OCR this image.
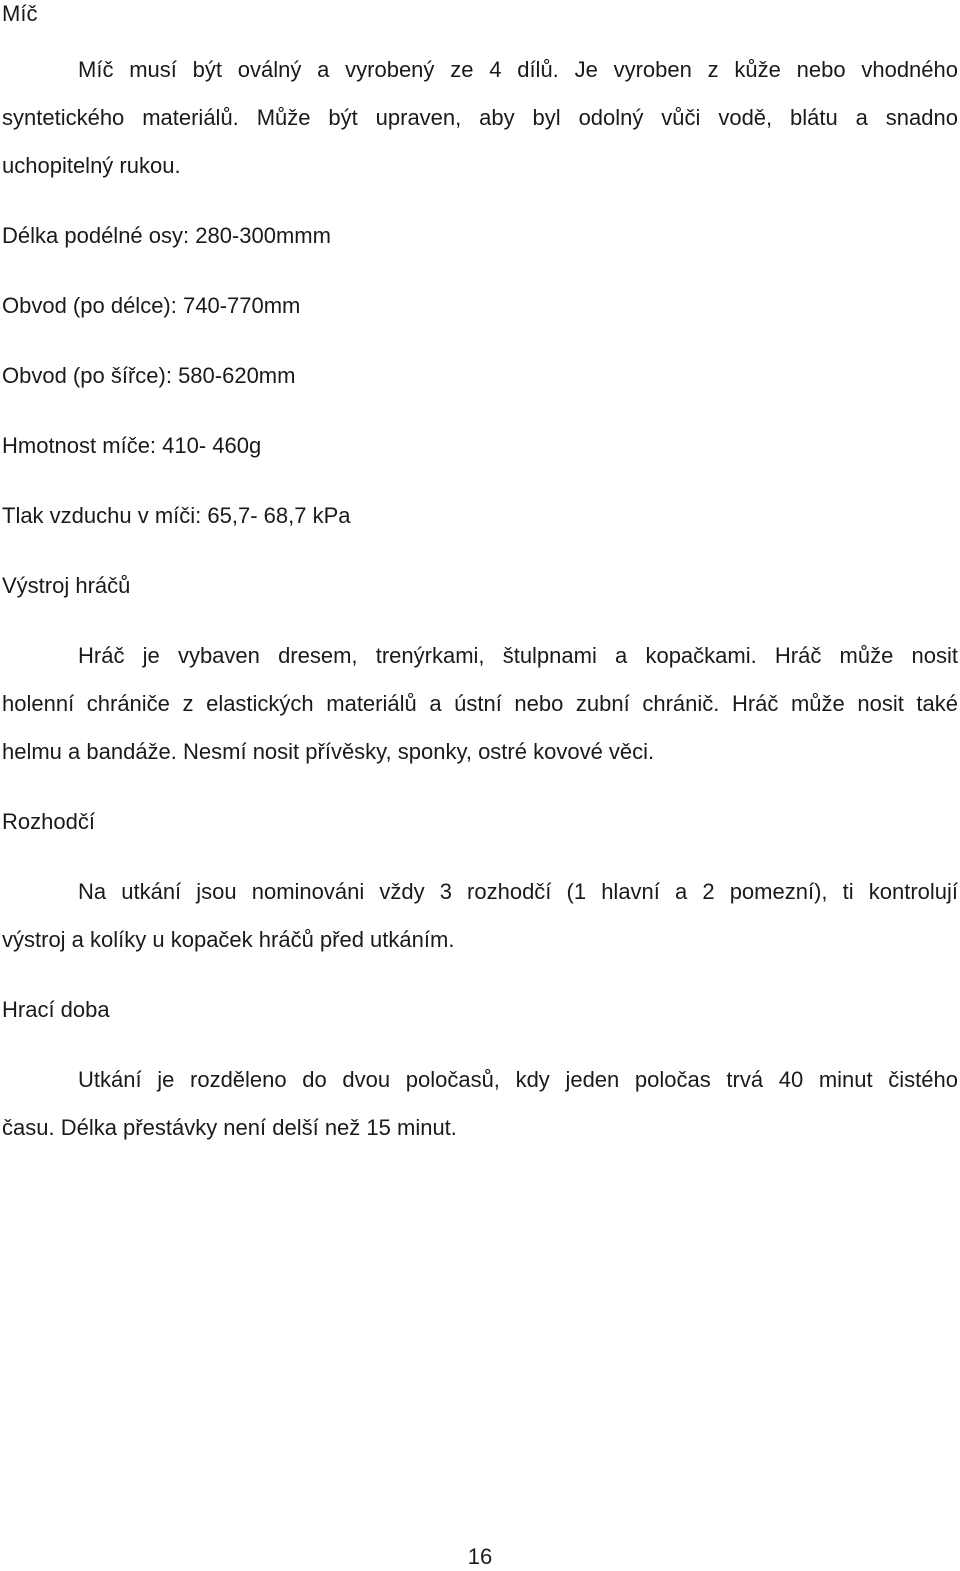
Míč
Míč musí být oválný a vyrobený ze 4 dílů. Je vyroben z kůže nebo vhodného
syntetického materiálů. Může být upraven, aby byl odolný vůči vodě, blátu a snadno
uchopitelný rukou.
Délka podélné osy: 280-300mmm
Obvod (po délce): 740-770mm
Obvod (po šířce): 580-620mm
Hmotnost míče: 410- 460g
Tlak vzduchu v míči: 65,7- 68,7 kPa
Výstroj hráčů
Hráč je vybaven dresem, trenýrkami, štulpnami a kopačkami. Hráč může nosit
holenní chrániče z elastických materiálů a ústní nebo zubní chránič. Hráč může nosit také
helmu a bandáže. Nesmí nosit přívěsky, sponky, ostré kovové věci.
Rozhodčí
Na utkání jsou nominováni vždy 3 rozhodčí (1 hlavní a 2 pomezní), ti kontrolují
výstroj a kolíky u kopaček hráčů před utkáním.
Hrací doba
Utkání je rozděleno do dvou poločasů, kdy jeden poločas trvá 40 minut čistého
času. Délka přestávky není delší než 15 minut.
16
